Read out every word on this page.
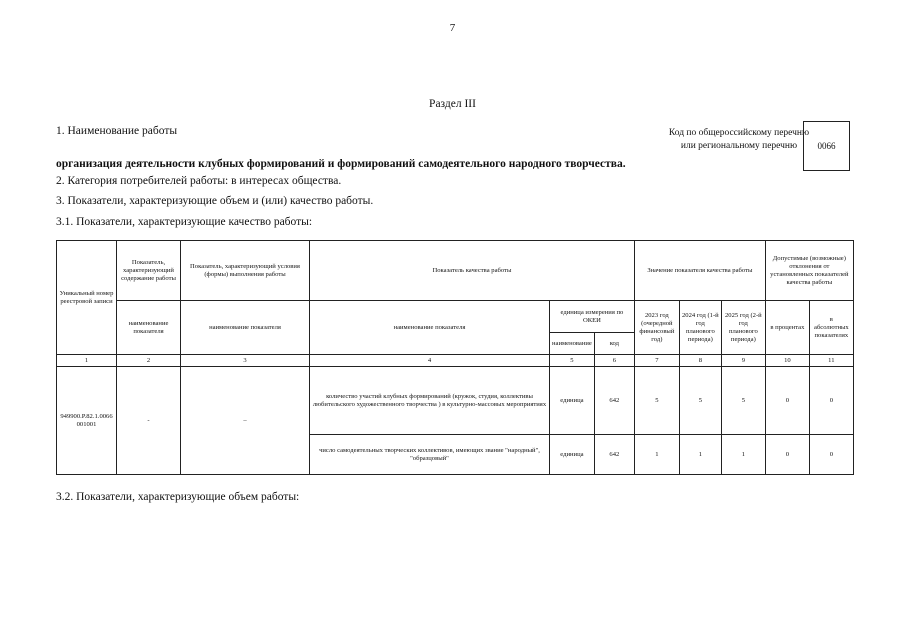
7
Раздел III
1. Наименование работы	Код по общероссийскому перечню или региональному перечню	0066
организация деятельности клубных формирований и формирований самодеятельного народного творчества.
2. Категория потребителей работы: в интересах общества.
3. Показатели, характеризующие объем и (или) качество работы.
3.1. Показатели, характеризующие качество работы:
Уникальный номер реестровой записи	Показатель, характеризующий содержание работы	Показатель, характеризующий условия (формы) выполнения работы	Показатель качества работы			Значение показателя качества работы			Допустимые (возможные) отклонения от установленных показателей качества работы	
	наименование показателя	наименование показателя	наименование показателя	единица измерения по ОКЕИ		2023 год (очередной финансовый год)	2024 год (1-й год планового периода)	2025 год (2-й год планового периода)	в процентах	в абсолютных показателях
				наименование	код					
1	2	3	4	5	6	7	8	9	10	11
949900.Р.82.1.0066001001	-	–	количество участий клубных формирований (кружок, студия, коллективы любительского художественного творчества ) в культурно-массовых мероприятиях	единица	642	5	5	5	0	0
			число самодеятельных творческих коллективов, имеющих звание "народный", "образцовый"	единица	642	1	1	1	0	0
3.2. Показатели, характеризующие объем работы:
